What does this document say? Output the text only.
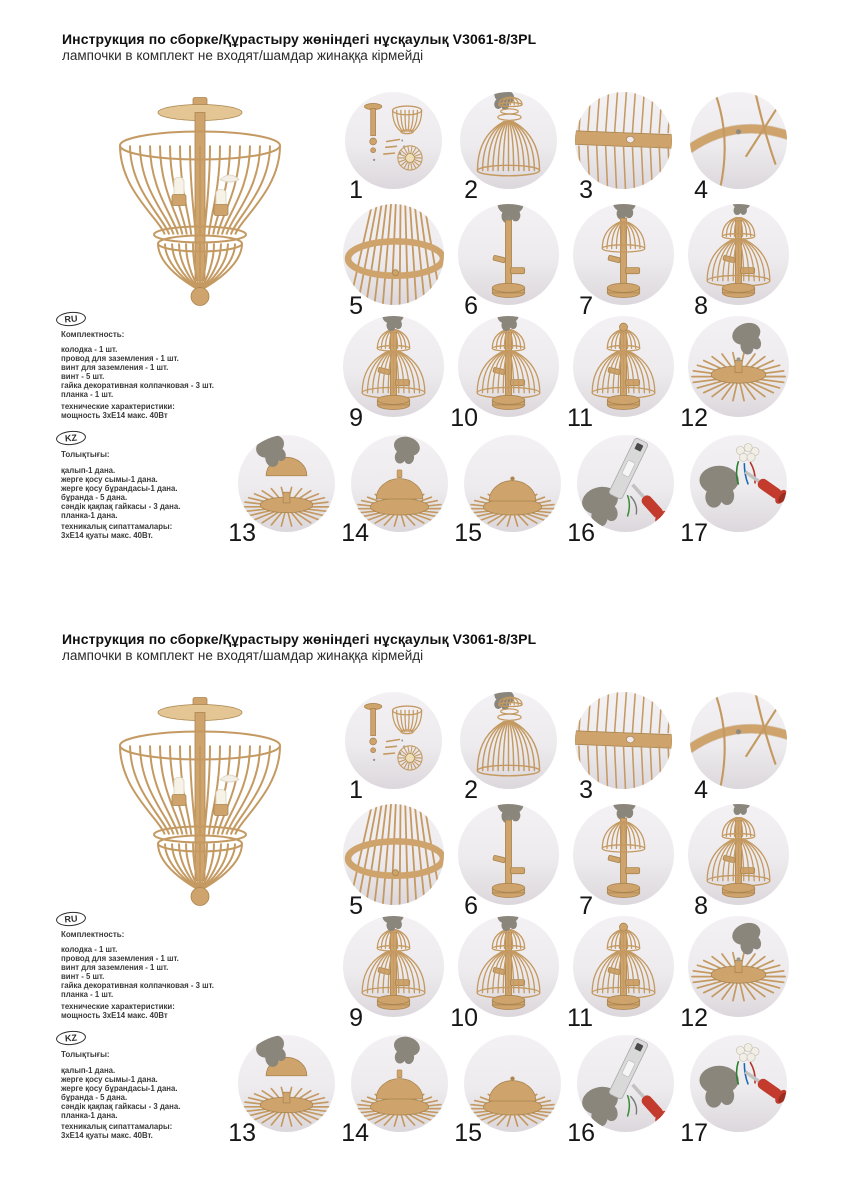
Инструкция по сборке/Құрастыру жөніндегі нұсқаулық V3061-8/3PL
лампочки в комплект не входят/шамдар жинаққа кірмейді
RU
Комплектность:
колодка - 1 шт.
провод для заземления - 1 шт.
винт для заземления - 1 шт.
винт - 5 шт.
гайка декоративная колпачковая - 3 шт.
планка - 1 шт.
технические характеристики:
мощность 3хЕ14 макс. 40Вт
KZ
Толықтығы:
қалып-1 дана.
жерге қосу сымы-1 дана.
жерге қосу бұрандасы-1 дана.
бұранда - 5 дана.
сәндік қақпақ гайкасы - 3 дана.
планка-1 дана.
техникалық сипаттамалары:
3хЕ14 қуаты макс. 40Вт.
1	2	3	4
5	6	7	8
9	10	11	12
13	14	15	16	17
Инструкция по сборке/Құрастыру жөніндегі нұсқаулық V3061-8/3PL
лампочки в комплект не входят/шамдар жинаққа кірмейді
RU
Комплектность:
колодка - 1 шт.
провод для заземления - 1 шт.
винт для заземления - 1 шт.
винт - 5 шт.
гайка декоративная колпачковая - 3 шт.
планка - 1 шт.
технические характеристики:
мощность 3хЕ14 макс. 40Вт
KZ
Толықтығы:
қалып-1 дана.
жерге қосу сымы-1 дана.
жерге қосу бұрандасы-1 дана.
бұранда - 5 дана.
сәндік қақпақ гайкасы - 3 дана.
планка-1 дана.
техникалық сипаттамалары:
3хЕ14 қуаты макс. 40Вт.
1	2	3	4
5	6	7	8
9	10	11	12
13	14	15	16	17
